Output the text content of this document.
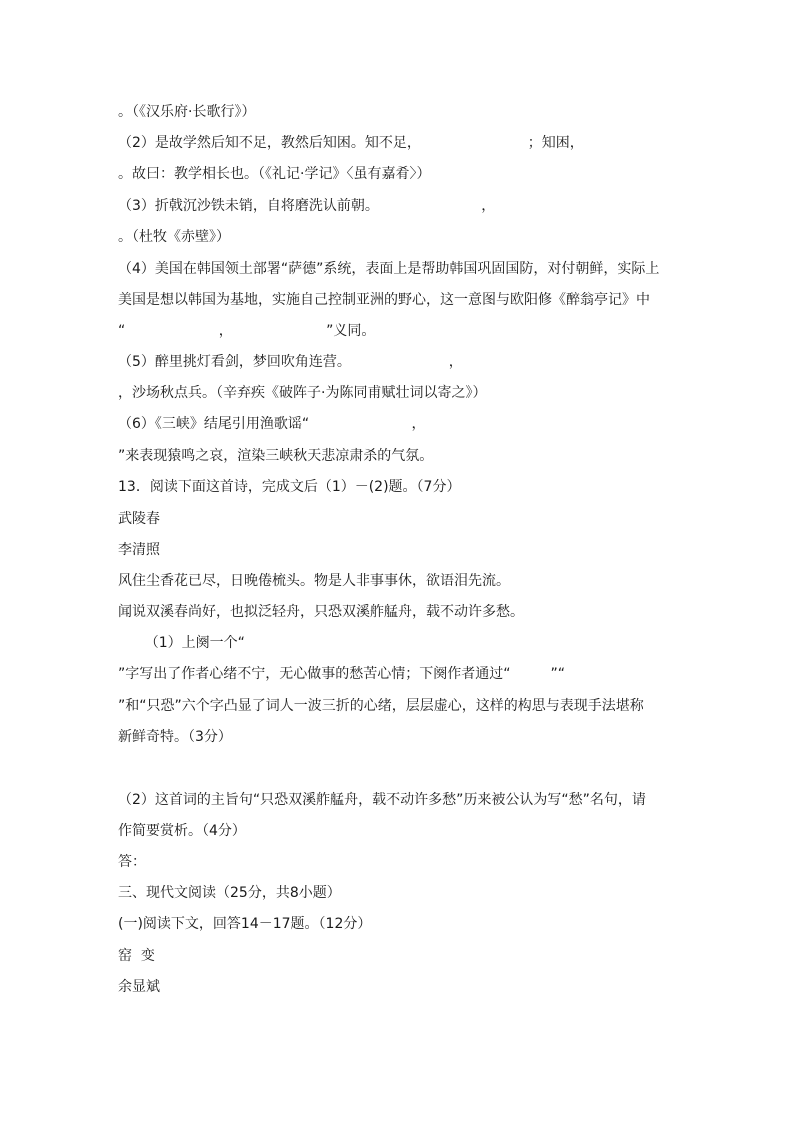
。（《汉乐府·长歌行》）
（2）是故学然后知不足，教然后知困。知不足，                        ；知困，
。故曰：教学相长也。（《礼记·学记》〈虽有嘉肴〉）
（3）折戟沉沙铁未销，自将磨洗认前朝。                       ，
。（杜牧《赤壁》）
（4）美国在韩国领土部署“萨德”系统，表面上是帮助韩国巩固国防，对付朝鲜，实际上
美国是想以韩国为基地，实施自己控制亚洲的野心，这一意图与欧阳修《醉翁亭记》中
“                     ，                     ”义同。
（5）醉里挑灯看剑，梦回吹角连营。                      ，
，沙场秋点兵。（辛弃疾《破阵子·为陈同甫赋壮词以寄之》）
（6）《三峡》结尾引用渔歌谣“                       ，
”来表现猿鸣之哀，渲染三峡秋天悲凉肃杀的气氛。
13．阅读下面这首诗，完成文后（1）－(2)题。（7分）
武陵春
李清照
风住尘香花已尽，日晚倦梳头。物是人非事事休，欲语泪先流。
闻说双溪春尚好，也拟泛轻舟，只恐双溪舴艋舟，载不动许多愁。
（1）上阕一个“
”字写出了作者心绪不宁，无心做事的愁苦心情；下阕作者通过“         ”“
”和“只恐”六个字凸显了词人一波三折的心绪，层层虚心，这样的构思与表现手法堪称
新鲜奇特。（3分）
（2）这首词的主旨句“只恐双溪舴艋舟，载不动许多愁”历来被公认为写“愁”名句，请
作简要赏析。（4分）
答：
三、现代文阅读（25分，共8小题）
(一)阅读下文，回答14－17题。（12分）
窑  变
余显斌
